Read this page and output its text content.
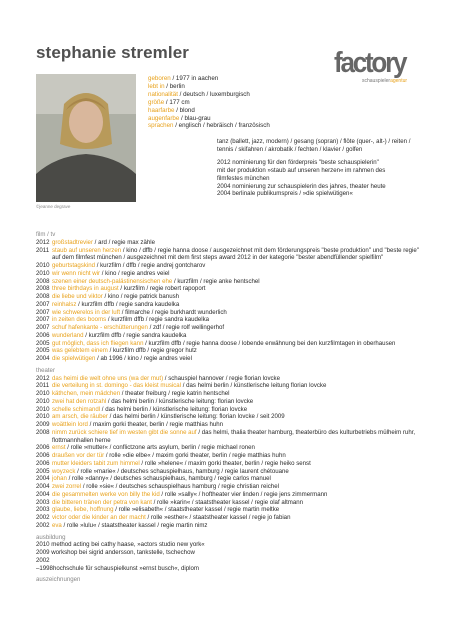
stephanie stremler	factory
schauspieleragentur
©jeanne degrave
geboren / 1977 in aachen
lebt in / berlin
nationalität / deutsch / luxemburgisch
größe / 177 cm
haarfarbe / blond
augenfarbe / blau-grau
sprachen / englisch / hebräisch / französisch

tanz (ballett, jazz, modern) / gesang (sopran) / flöte (quer-, alt-) / reiten / tennis / skifahren / akrobatik / fechten / klavier / golfen

2012 nominierung für den förderpreis "beste schauspielerin"

mit der produktion »staub auf unseren herzen« im rahmen des

filmfestes münchen

2004 nominierung zur schauspielerin des jahres, theater heute

2004 berlinale publikumspreis / »die spielwütigen«

film / tv
2012 großstadtrevier / ard / regie max zähle
2011 staub auf unseren herzen / kino / dffb / regie hanna doose / ausgezeichnet mit dem förderungspreis "beste produktion" und "beste regie" auf dem filmfest münchen / ausgezeichnet mit dem first steps award 2012 in der kategorie "bester abendfüllender spielfilm"
2010 geburtstagskind / kurzfilm / dffb / regie andrej gontcharov
2010 wir wenn nicht wir / kino / regie andres veiel
2008 szenen einer deutsch-palästinensischen ehe / kurzfilm / regie anke hentschel
2008 three birthdays in august / kurzfilm / regie robert rapoport
2008 die liebe und viktor / kino / regie patrick banush
2007 reinhalsz / kurzfilm dffb / regie sandra kaudelka
2007 wie schwerelos in der luft / filmarche / regie burkhardt wunderlich
2007 in zeiten des booms / kurzfilm dffb / regie sandra kaudelka
2007 schuf hafenkante - erschütterungen / zdf / regie rolf wellingerhof
2006 wunderland / kurzfilm dffb / regie sandra kaudelka
2005 gut möglich, dass ich fliegen kann / kurzfilm dffb / regie hanna doose / lobende erwähnung bei den kurzfilmtagen in oberhausen
2005 was gelebtem einem / kurzfilm dffb / regie gregor hutz
2004 die spielwütigen / ab 1996 / kino / regie andres veiel
theater
2012 das heimi die welt ohne uns (wa der mut) / schauspiel hannover / regie florian lovcke
2011 die verteilung in st. domingo - das kleist musical / das helmi berlin / künstlerische leitung florian lovcke
2010 käthchen, mein mädchen / theater freiburg / regie katrin hentschel
2010 zwei hat den rotzahl / das helmi berlin / künstlerische leitung: florian lovcke
2010 schelle schimandl / das helmi berlin / künstlerische leitung: florian lovcke
2010 am arsch, die räuber / das helmi berlin / künstlerische leitung: florian lovcke / seit 2009
2009 woättlein lord / maxim gorki theater, berlin / regie matthias huhn
2008 nimm zurück schiere tief im westen gibt die sonne auf / das helmi, thalia theater hamburg, theaterbüro des kulturbetriebs mülheim ruhr, flottmannhallen herne
2006 ernst / rolle »mutter« / conflictzone arts asylum, berlin / regie michael ronen
2006 draußen vor der tür / rolle »die elbe« / maxim gorki theater, berlin / regie matthias huhn
2006 mutter kleiders tabit zum himmel / rolle »helene« / maxim gorki theater, berlin / regie heiko senst
2005 woyzeck / rolle »marie« / deutsches schauspielhaus, hamburg / regie laurent chétouane
2004 johan / rolle »danny« / deutsches schauspielhaus, hamburg / regie carlos manuel
2004 zwei zorrel / rolle »sie« / deutsches schauspielhaus hamburg / regie christian reichel
2004 die gesammelten werke von billy the kid / rolle »sally« / hoftheater vier linden / regie jens zimmermann
2003 die bitteren tränen der petra von kant / rolle »karin« / staatstheater kassel / regie olaf altmann
2003 glaube, liebe, hoffnung / rolle »elisabeth« / staatstheater kassel / regie martin meltke
2002 victor oder die kinder an der macht / rolle »esther« / staatstheater kassel / regie jo fabian
2002 eva / rolle »lulu« / staatstheater kassel / regie martin nimz
ausbildung
2010 method acting bei cathy haase, »actors studio new york«
2009 workshop bei sigrid andersson, tankstelle, tschechow
2002
–1998hochschule für schauspielkunst »ernst busch«, diplom
auszeichnungen
